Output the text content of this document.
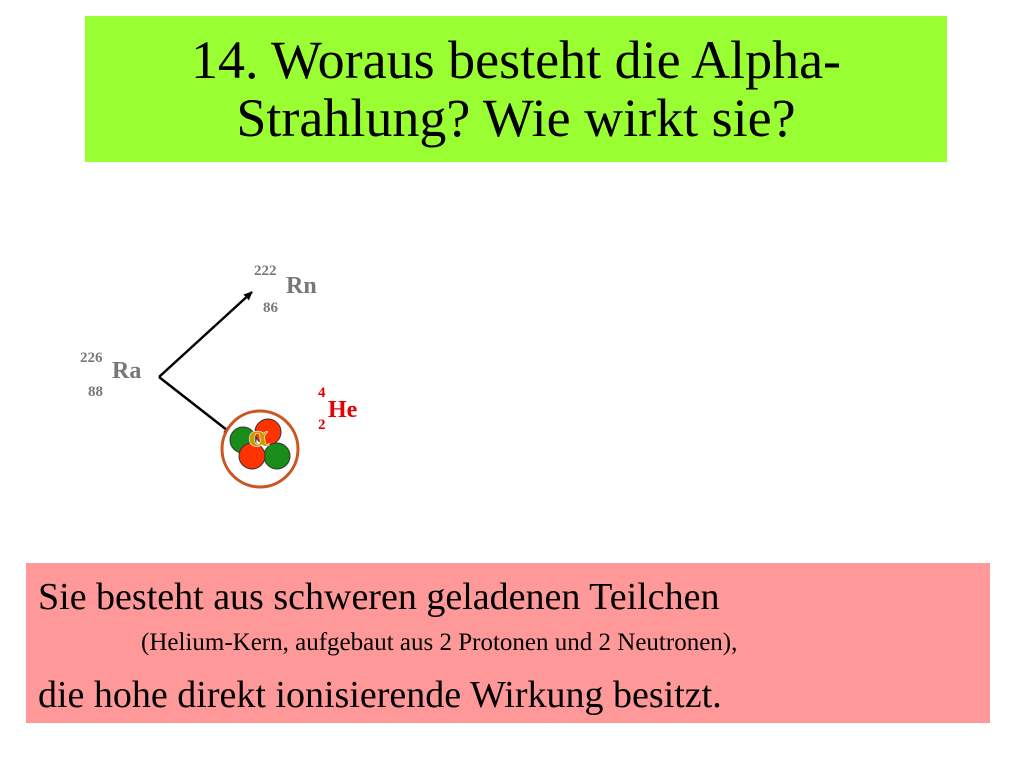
14. Woraus besteht die Alpha-
Strahlung? Wie wirkt sie?
α
226
88
Ra
222
86
Rn
4
2
He
Sie besteht aus schweren geladenen Teilchen
(Helium-Kern, aufgebaut aus 2 Protonen und 2 Neutronen),
die hohe direkt ionisierende Wirkung besitzt.
